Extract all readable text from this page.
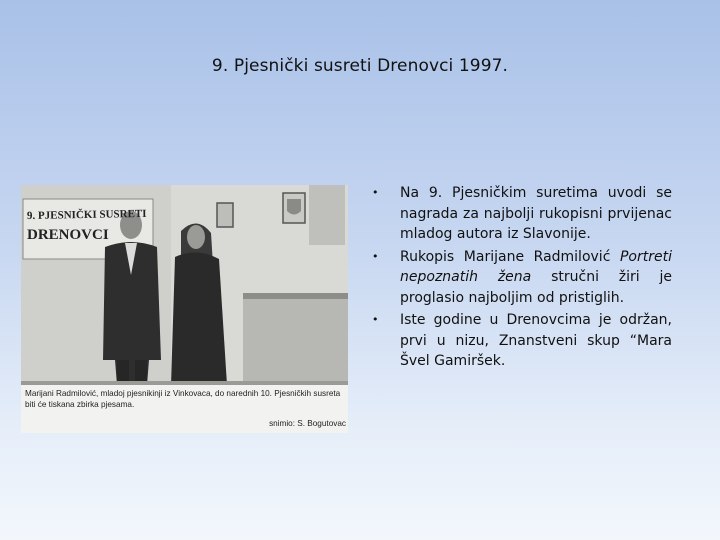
9. Pjesnički susreti Drenovci 1997.
9. PJESNIČKI SUSRETI
DRENOVCI
Marijani Radmilović, mladoj pjesnikinji iz Vinkovaca, do narednih 10. Pjesničkih susreta biti će tiskana zbirka pjesama.
snimio: S. Bogutovac
• Na 9. Pjesničkim suretima uvodi se nagrada za najbolji rukopisni prvijenac mladog autora iz Slavonije.
• Rukopis Marijane Radmilović Portreti nepoznatih žena stručni žiri je proglasio najboljim od pristiglih.
• Iste godine u Drenovcima je održan, prvi u nizu, Znanstveni skup “Mara Švel Gamiršek.
